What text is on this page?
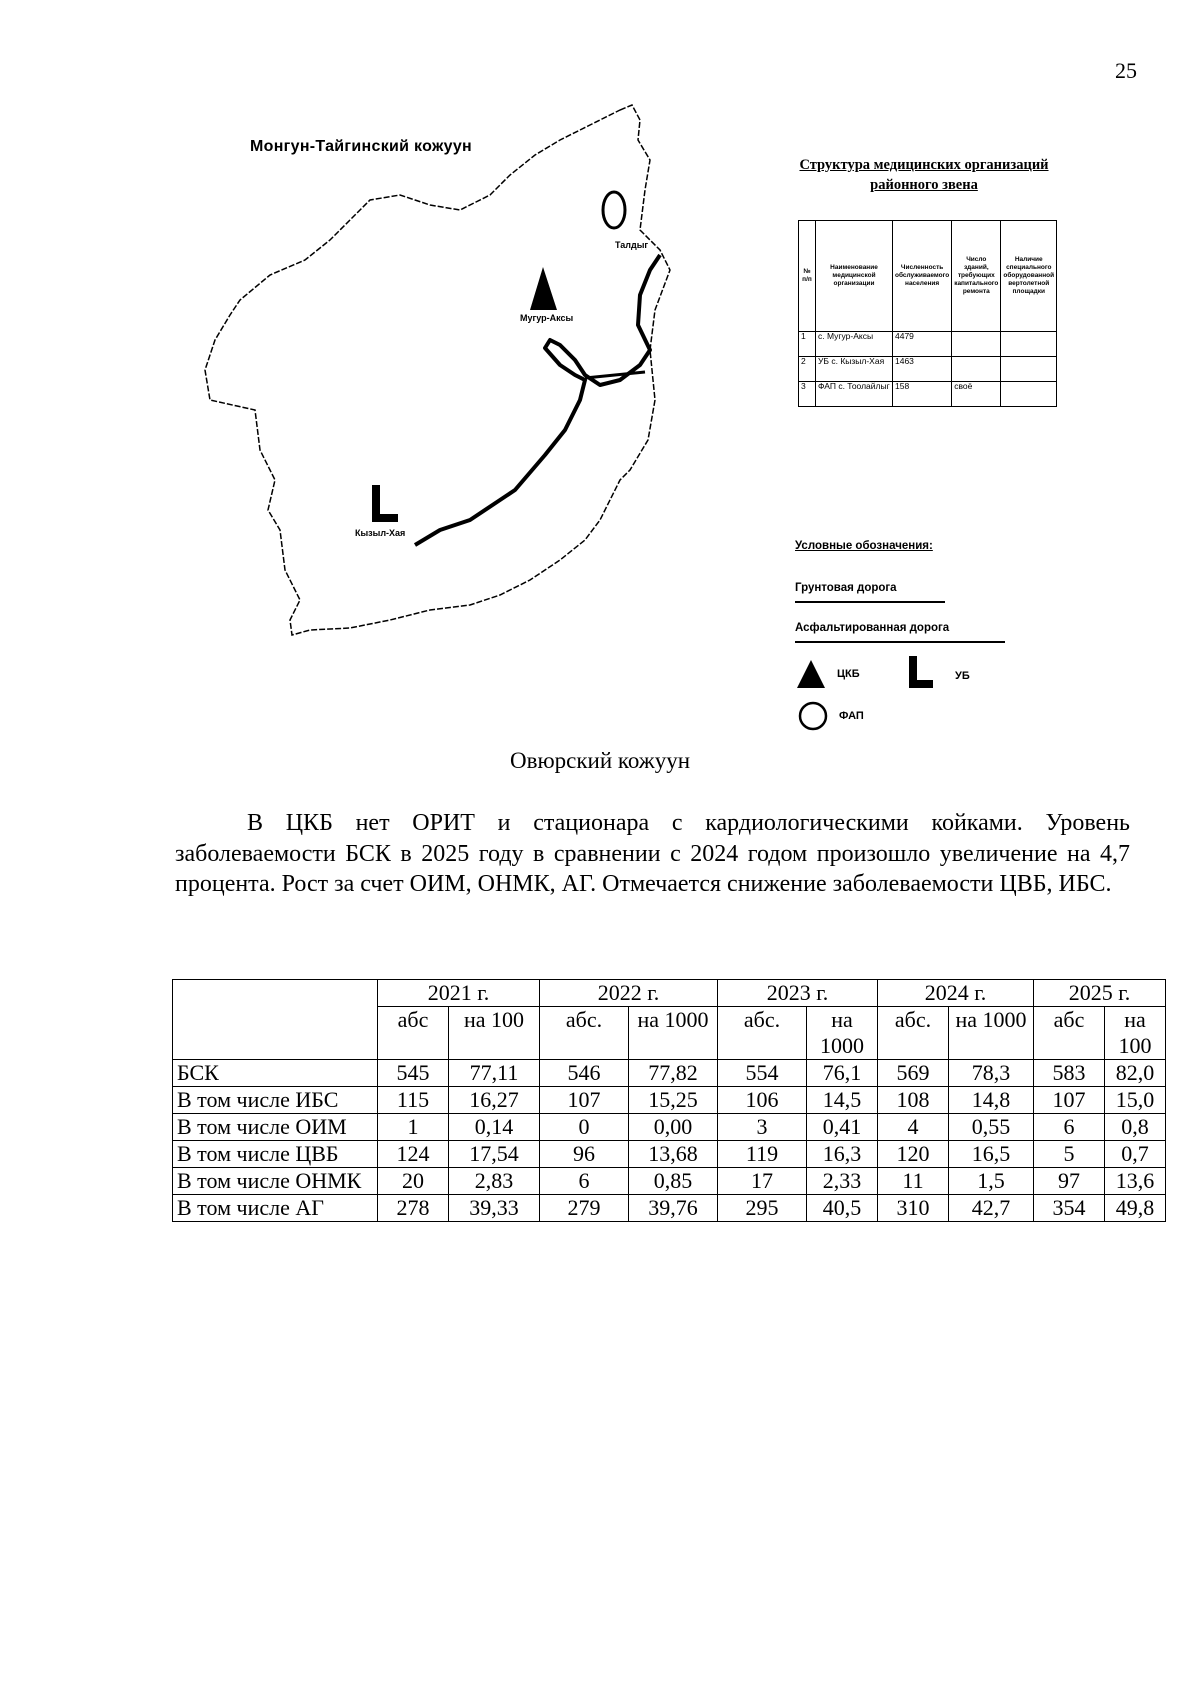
25
Монгун-Тайгинский кожуун
Талдыг
Мугур-Аксы
Кызыл-Хая
Структура медицинских организаций районного звена
№ п/п	Наименование медицинской организации	Численность обслуживаемого населения	Число зданий, требующих капитального ремонта	Наличие специального оборудованной вертолетной площадки
1	с. Мугур-Аксы	4479		
2	УБ с. Кызыл-Хая	1463		
3	ФАП с. Тоолайлыг	158	своё	
Условные обозначения:
Грунтовая дорога
Асфальтированная дорога
ЦКБ	УБ
ФАП
Овюрский кожуун
В ЦКБ нет ОРИТ и стационара с кардиологическими койками. Уровень заболеваемости БСК в 2025 году в сравнении с 2024 годом произошло увеличение на 4,7 процента. Рост за счет ОИМ, ОНМК, АГ. Отмечается снижение заболеваемости ЦВБ, ИБС.
	2021 г.		2022 г.		2023 г.		2024 г.		2025 г.	
	абс	на 100	абс.	на 1000	абс.	на 1000	абс.	на 1000	абс	на 100
БСК	545	77,11	546	77,82	554	76,1	569	78,3	583	82,0
В том числе ИБС	115	16,27	107	15,25	106	14,5	108	14,8	107	15,0
В том числе ОИМ	1	0,14	0	0,00	3	0,41	4	0,55	6	0,8
В том числе ЦВБ	124	17,54	96	13,68	119	16,3	120	16,5	5	0,7
В том числе ОНМК	20	2,83	6	0,85	17	2,33	11	1,5	97	13,6
В том числе АГ	278	39,33	279	39,76	295	40,5	310	42,7	354	49,8
